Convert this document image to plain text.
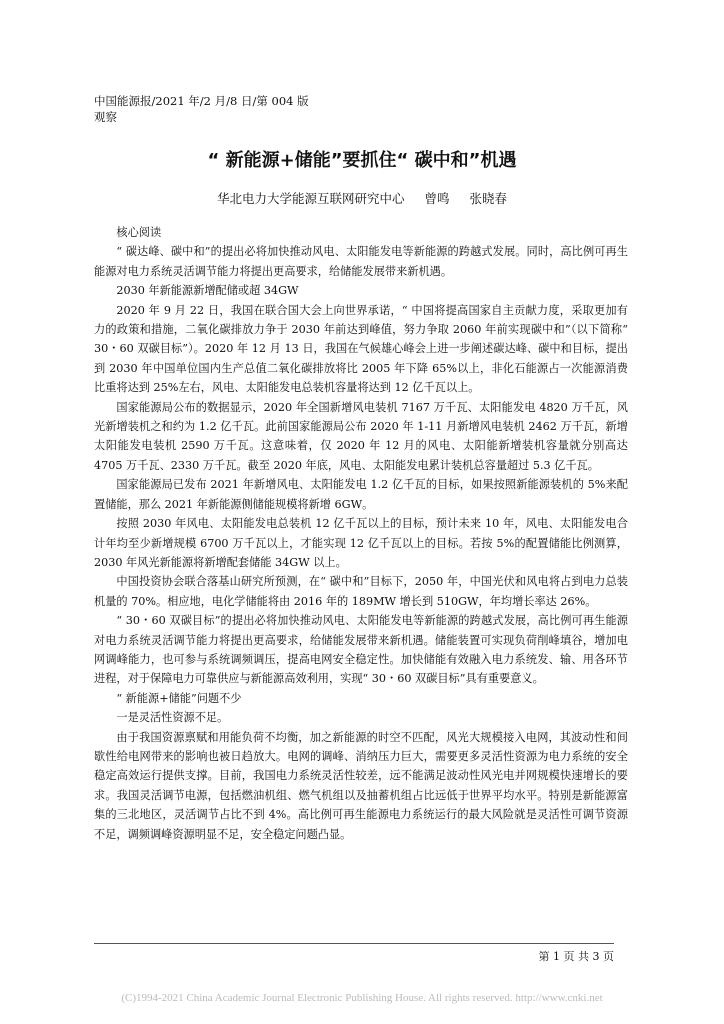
中国能源报/2021 年/2 月/8 日/第 004 版
观察
“ 新能源+储能”要抓住“ 碳中和”机遇
华北电力大学能源互联网研究中心 曾鸣 张晓春

核心阅读

“ 碳达峰、碳中和”的提出必将加快推动风电、太阳能发电等新能源的跨越式发展。同时，高比例可再生能源对电力系统灵活调节能力将提出更高要求，给储能发展带来新机遇。

2030 年新能源新增配储或超 34GW

2020 年 9 月 22 日，我国在联合国大会上向世界承诺，“ 中国将提高国家自主贡献力度，采取更加有力的政策和措施，二氧化碳排放力争于 2030 年前达到峰值，努力争取 2060 年前实现碳中和”（以下简称“ 30・60 双碳目标”）。2020 年 12 月 13 日，我国在气候雄心峰会上进一步阐述碳达峰、碳中和目标，提出到 2030 年中国单位国内生产总值二氧化碳排放将比 2005 年下降 65%以上，非化石能源占一次能源消费比重将达到 25%左右，风电、太阳能发电总装机容量将达到 12 亿千瓦以上。

国家能源局公布的数据显示，2020 年全国新增风电装机 7167 万千瓦、太阳能发电 4820 万千瓦，风光新增装机之和约为 1.2 亿千瓦。此前国家能源局公布 2020 年 1-11 月新增风电装机 2462 万千瓦，新增太阳能发电装机 2590 万千瓦。这意味着，仅 2020 年 12 月的风电、太阳能新增装机容量就分别高达 4705 万千瓦、2330 万千瓦。截至 2020 年底，风电、太阳能发电累计装机总容量超过 5.3 亿千瓦。

国家能源局已发布 2021 年新增风电、太阳能发电 1.2 亿千瓦的目标，如果按照新能源装机的 5%来配置储能，那么 2021 年新能源侧储能规模将新增 6GW。

按照 2030 年风电、太阳能发电总装机 12 亿千瓦以上的目标，预计未来 10 年，风电、太阳能发电合计年均至少新增规模 6700 万千瓦以上，才能实现 12 亿千瓦以上的目标。若按 5%的配置储能比例测算，2030 年风光新能源将新增配套储能 34GW 以上。

中国投资协会联合落基山研究所预测，在“ 碳中和”目标下，2050 年，中国光伏和风电将占到电力总装机量的 70%。相应地，电化学储能将由 2016 年的 189MW 增长到 510GW，年均增长率达 26%。

“ 30・60 双碳目标”的提出必将加快推动风电、太阳能发电等新能源的跨越式发展，高比例可再生能源对电力系统灵活调节能力将提出更高要求，给储能发展带来新机遇。储能装置可实现负荷削峰填谷，增加电网调峰能力，也可参与系统调频调压，提高电网安全稳定性。加快储能有效融入电力系统发、输、用各环节进程，对于保障电力可靠供应与新能源高效利用，实现“ 30・60 双碳目标”具有重要意义。

“ 新能源+储能”问题不少

一是灵活性资源不足。

由于我国资源禀赋和用能负荷不均衡，加之新能源的时空不匹配，风光大规模接入电网，其波动性和间歇性给电网带来的影响也被日趋放大。电网的调峰、消纳压力巨大，需要更多灵活性资源为电力系统的安全稳定高效运行提供支撑。目前，我国电力系统灵活性较差，远不能满足波动性风光电并网规模快速增长的要求。我国灵活调节电源，包括燃油机组、燃气机组以及抽蓄机组占比远低于世界平均水平。特别是新能源富集的三北地区，灵活调节占比不到 4%。高比例可再生能源电力系统运行的最大风险就是灵活性可调节资源不足，调频调峰资源明显不足，安全稳定问题凸显。

第 1 页 共 3 页
(C)1994-2021 China Academic Journal Electronic Publishing House. All rights reserved. http://www.cnki.net
